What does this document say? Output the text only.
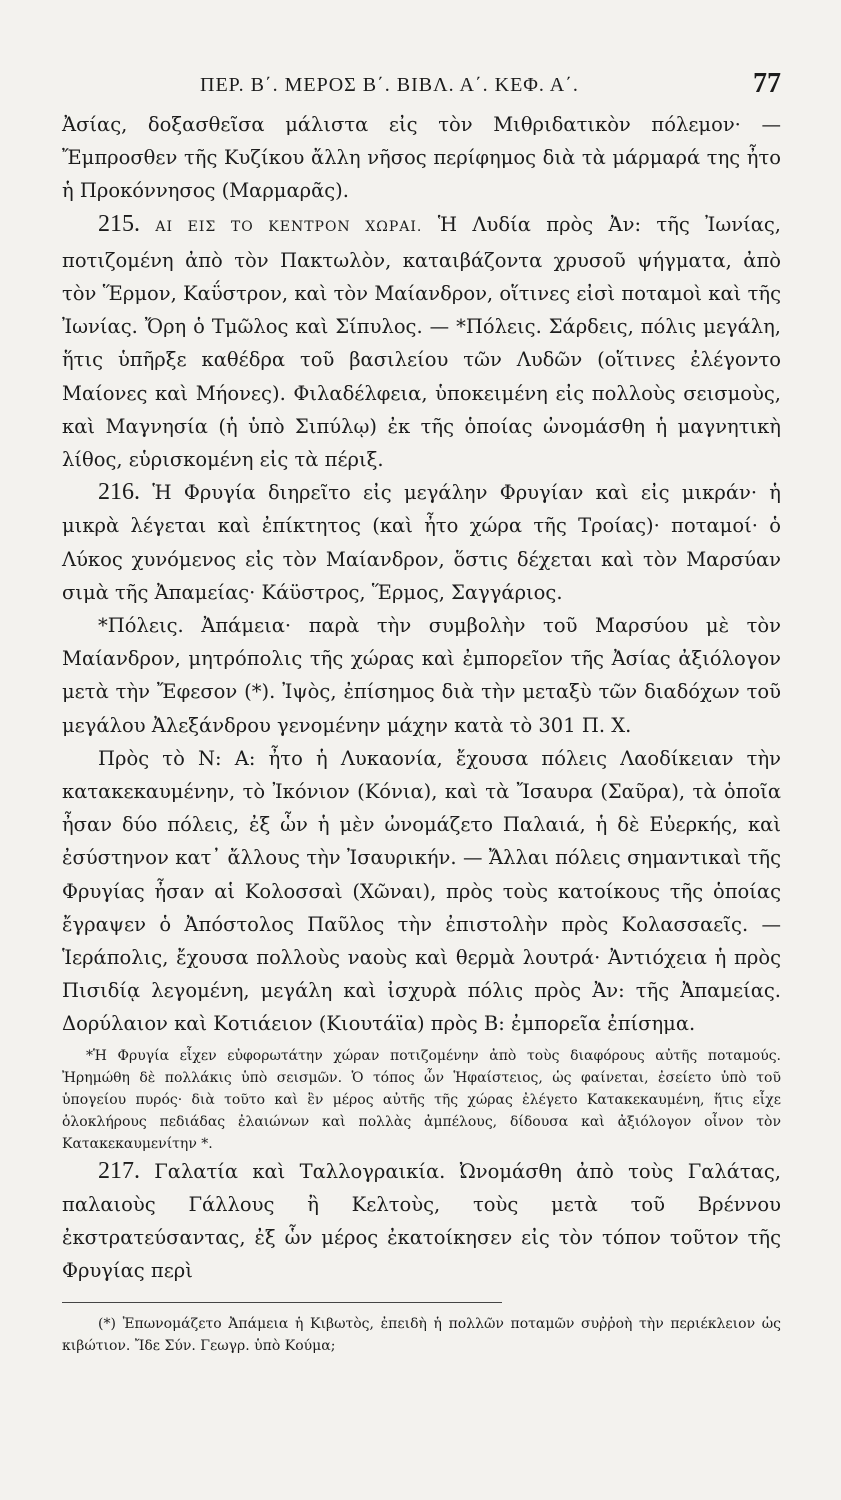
ΠΕΡ. Β΄. ΜΕΡΟΣ Β΄. ΒΙΒΛ. Α΄. ΚΕΦ. Α΄.	77

Ἀσίας, δοξασθεῖσα μάλιστα εἰς τὸν Μιθριδατικὸν πόλεμον· — Ἔμπροσθεν τῆς Κυζίκου ἄλλη νῆσος περίφημος διὰ τὰ μάρμαρά της ἦτο ἡ Προκόννησος (Μαρμαρᾶς).

215. ΑΙ ΕΙΣ ΤΟ ΚΕΝΤΡΟΝ ΧΩΡΑΙ. Ἡ Λυδία πρὸς Ἀν: τῆς Ἰωνίας, ποτιζομένη ἀπὸ τὸν Πακτωλὸν, καταιβάζοντα χρυσοῦ ψήγματα, ἀπὸ τὸν Ἕρμον, Καΰστρον, καὶ τὸν Μαίανδρον, οἵτινες εἰσὶ ποταμοὶ καὶ τῆς Ἰωνίας. Ὄρη ὁ Τμῶλος καὶ Σίπυλος. — *Πόλεις. Σάρδεις, πόλις μεγάλη, ἥτις ὑπῆρξε καθέδρα τοῦ βασιλείου τῶν Λυδῶν (οἵτινες ἐλέγοντο Μαίονες καὶ Μήονες). Φιλαδέλφεια, ὑποκειμένη εἰς πολλοὺς σεισμοὺς, καὶ Μαγνησία (ἡ ὑπὸ Σιπύλῳ) ἐκ τῆς ὁποίας ὠνομάσθη ἡ μαγνητικὴ λίθος, εὑρισκομένη εἰς τὰ πέριξ.

216. Ἡ Φρυγία διηρεῖτο εἰς μεγάλην Φρυγίαν καὶ εἰς μικράν· ἡ μικρὰ λέγεται καὶ ἐπίκτητος (καὶ ἦτο χώρα τῆς Τροίας)· ποταμοί· ὁ Λύκος χυνόμενος εἰς τὸν Μαίανδρον, ὅστις δέχεται καὶ τὸν Μαρσύαν σιμὰ τῆς Ἀπαμείας· Κάϋστρος, Ἕρμος, Σαγγάριος.

*Πόλεις. Ἀπάμεια· παρὰ τὴν συμβολὴν τοῦ Μαρσύου μὲ τὸν Μαίανδρον, μητρόπολις τῆς χώρας καὶ ἐμπορεῖον τῆς Ἀσίας ἀξιόλογον μετὰ τὴν Ἔφεσον (*). Ἰψὸς, ἐπίσημος διὰ τὴν μεταξὺ τῶν διαδόχων τοῦ μεγάλου Ἀλεξάνδρου γενομένην μάχην κατὰ τὸ 301 Π. Χ.

Πρὸς τὸ Ν: Α: ἦτο ἡ Λυκαονία, ἔχουσα πόλεις Λαοδίκειαν τὴν κατακεκαυμένην, τὸ Ἰκόνιον (Κόνια), καὶ τὰ Ἴσαυρα (Σαῦρα), τὰ ὁποῖα ἦσαν δύο πόλεις, ἐξ ὧν ἡ μὲν ὠνομάζετο Παλαιά, ἡ δὲ Εὐερκής, καὶ ἐσύστηνον κατ᾿ ἄλλους τὴν Ἰσαυρικήν. — Ἄλλαι πόλεις σημαντικαὶ τῆς Φρυγίας ἦσαν αἱ Κολοσσαὶ (Χῶναι), πρὸς τοὺς κατοίκους τῆς ὁποίας ἔγραψεν ὁ Ἀπόστολος Παῦλος τὴν ἐπιστολὴν πρὸς Κολασσαεῖς. — Ἱεράπολις, ἔχουσα πολλοὺς ναοὺς καὶ θερμὰ λουτρά· Ἀντιόχεια ἡ πρὸς Πισιδίᾳ λεγομένη, μεγάλη καὶ ἰσχυρὰ πόλις πρὸς Ἀν: τῆς Ἀπαμείας. Δορύλαιον καὶ Κοτιάειον (Κιουτάϊα) πρὸς Β: ἐμπορεῖα ἐπίσημα.

*Ἡ Φρυγία εἶχεν εὐφορωτάτην χώραν ποτιζομένην ἀπὸ τοὺς διαφόρους αὐτῆς ποταμούς. Ἠρημώθη δὲ πολλάκις ὑπὸ σεισμῶν. Ὁ τόπος ὧν Ἡφαίστειος, ὡς φαίνεται, ἐσείετο ὑπὸ τοῦ ὑπογείου πυρός· διὰ τοῦτο καὶ ἓν μέρος αὐτῆς τῆς χώρας ἐλέγετο Κατακεκαυμένη, ἥτις εἶχε ὁλοκλήρους πεδιάδας ἐλαιώνων καὶ πολλὰς ἀμπέλους, δίδουσα καὶ ἀξιόλογον οἶνον τὸν Κατακεκαυμενίτην *.

217. Γαλατία καὶ Ταλλογραικία. Ὠνομάσθη ἀπὸ τοὺς Γαλάτας, παλαιοὺς Γάλλους ἢ Κελτοὺς, τοὺς μετὰ τοῦ Βρέννου ἐκστρατεύσαντας, ἐξ ὧν μέρος ἐκατοίκησεν εἰς τὸν τόπον τοῦτον τῆς Φρυγίας περὶ

(*) Ἐπωνομάζετο Ἀπάμεια ἡ Κιβωτὸς, ἐπειδὴ ἡ πολλῶν ποταμῶν συῤῥοὴ τὴν περιέκλειον ὡς κιβώτιον. Ἴδε Σύν. Γεωγρ. ὑπὸ Κούμα;
